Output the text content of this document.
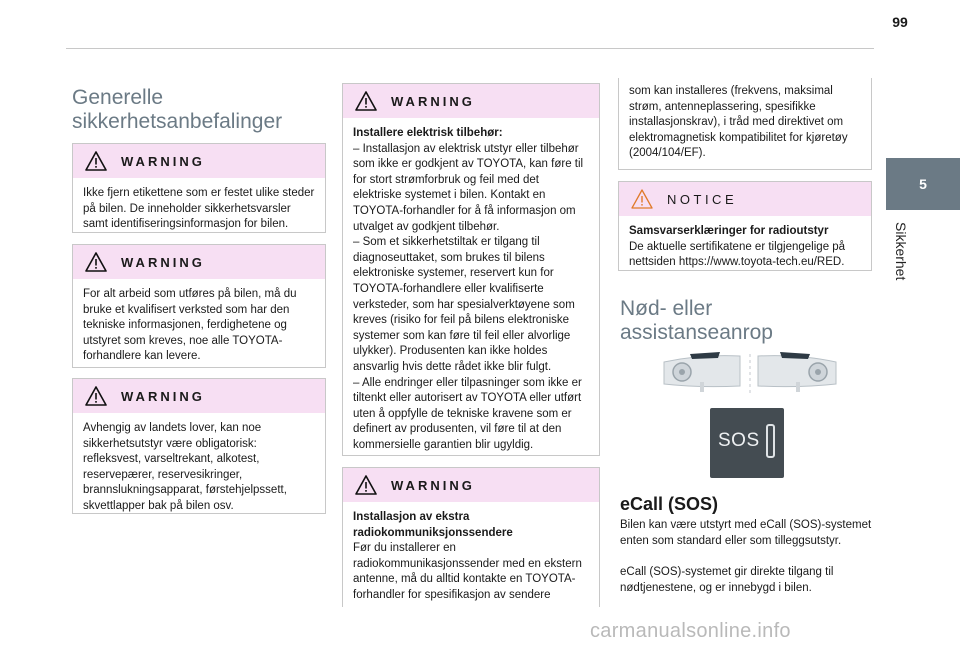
99
5
Sikkerhet
Generelle
sikkerhetsanbefalinger
WARNING
Ikke fjern etikettene som er festet ulike steder på bilen. De inneholder sikkerhetsvarsler samt identifiseringsinformasjon for bilen.
WARNING
For alt arbeid som utføres på bilen, må du bruke et kvalifisert verksted som har den tekniske informasjonen, ferdighetene og utstyret som kreves, noe alle TOYOTA-forhandlere kan levere.
WARNING
Avhengig av landets lover, kan noe sikkerhetsutstyr være obligatorisk: refleksvest, varseltrekant, alkotest, reservepærer, reservesikringer, brannslukningsapparat, førstehjelpssett, skvettlapper bak på bilen osv.
WARNING

Installere elektrisk tilbehør:

– Installasjon av elektrisk utstyr eller tilbehør som ikke er godkjent av TOYOTA, kan føre til for stort strømforbruk og feil med det elektriske systemet i bilen. Kontakt en TOYOTA-forhandler for å få informasjon om utvalget av godkjent tilbehør.

– Som et sikkerhetstiltak er tilgang til diagnoseuttaket, som brukes til bilens elektroniske systemer, reservert kun for TOYOTA-forhandlere eller kvalifiserte verksteder, som har spesialverktøyene som kreves (risiko for feil på bilens elektroniske systemer som kan føre til feil eller alvorlige ulykker). Produsenten kan ikke holdes ansvarlig hvis dette rådet ikke blir fulgt.

– Alle endringer eller tilpasninger som ikke er tiltenkt eller autorisert av TOYOTA eller utført uten å oppfylle de tekniske kravene som er definert av produsenten, vil føre til at den kommersielle garantien blir ugyldig.

WARNING

Installasjon av ekstra radiokommuniksjonssendere

Før du installerer en radiokommunikasjonssender med en ekstern antenne, må du alltid kontakte en TOYOTA-forhandler for spesifikasjon av sendere

som kan installeres (frekvens, maksimal strøm, antenneplassering, spesifikke installasjonskrav), i tråd med direktivet om elektromagnetisk kompatibilitet for kjøretøy (2004/104/EF).
NOTICE

Samsvarserklæringer for radioutstyr

De aktuelle sertifikatene er tilgjengelige på nettsiden https://www.toyota-tech.eu/RED.

Nød- eller
assistanseanrop
SOS
eCall (SOS)
Bilen kan være utstyrt med eCall (SOS)-systemet enten som standard eller som tilleggsutstyr.
eCall (SOS)-systemet gir direkte tilgang til nødtjenestene, og er innebygd i bilen.
carmanualsonline.info
